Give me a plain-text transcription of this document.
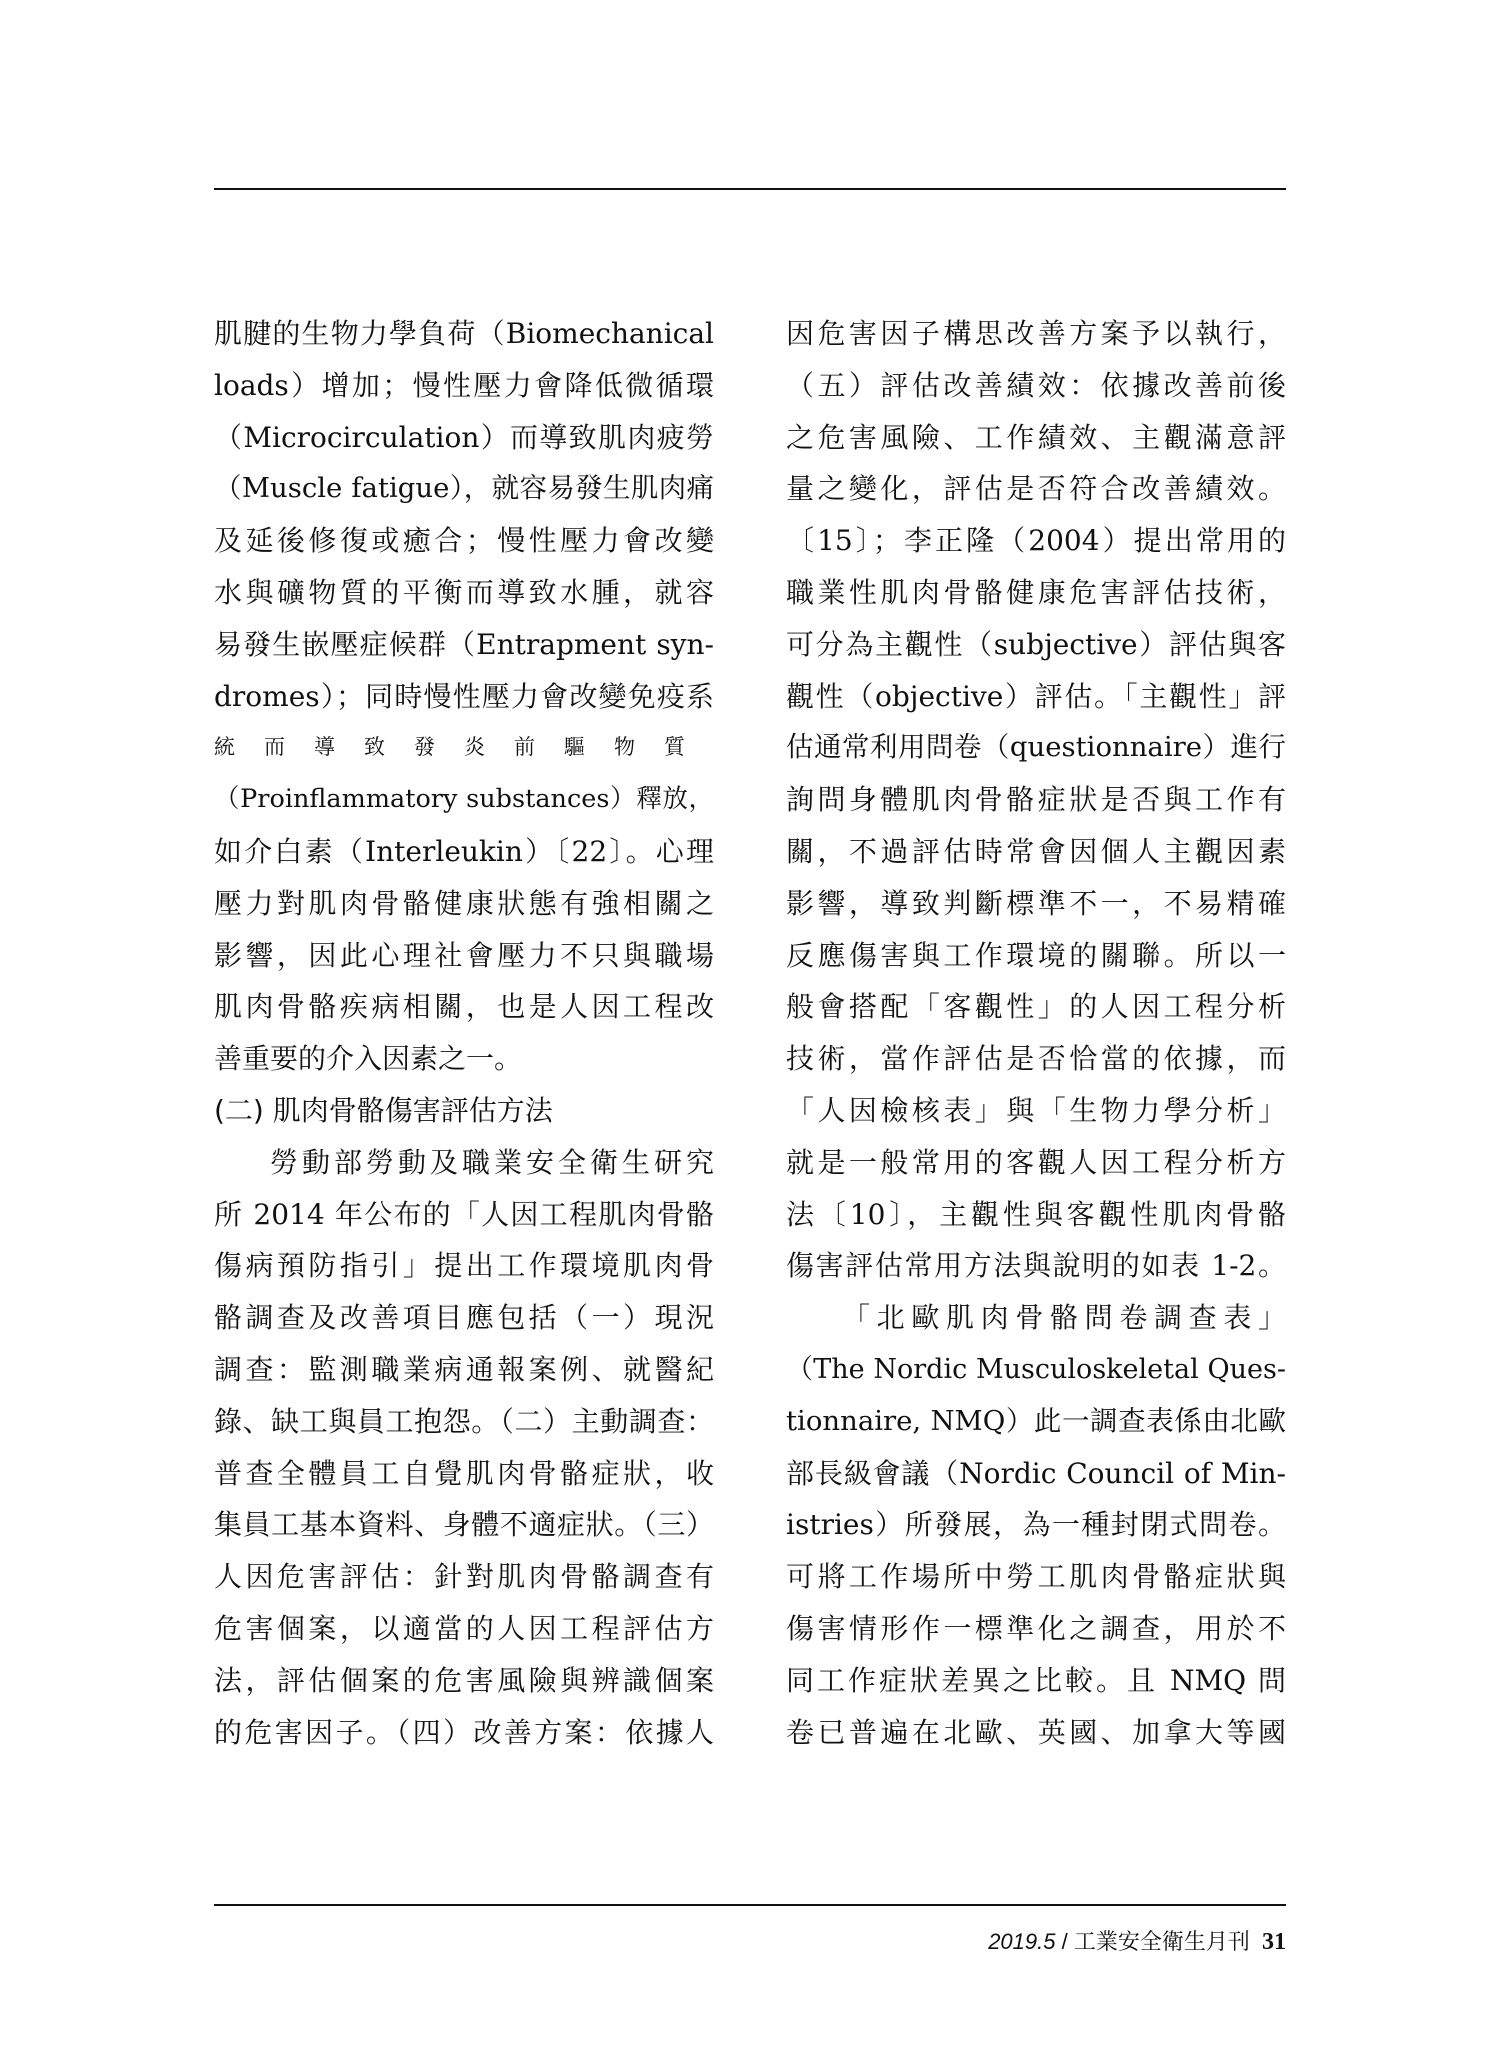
肌腱的生物力學負荷（Biomechanical
loads）增加；慢性壓力會降低微循環
（Microcirculation）而導致肌肉疲勞
（Muscle fatigue），就容易發生肌肉痛
及延後修復或癒合；慢性壓力會改變
水與礦物質的平衡而導致水腫，就容
易發生嵌壓症候群（Entrapment syn-
dromes）；同時慢性壓力會改變免疫系
統而導致發炎前驅物質
（Proinflammatory substances）釋放，
如介白素（Interleukin）〔22〕。心理
壓力對肌肉骨骼健康狀態有強相關之
影響，因此心理社會壓力不只與職場
肌肉骨骼疾病相關，也是人因工程改
善重要的介入因素之一。
(二) 肌肉骨骼傷害評估方法
勞動部勞動及職業安全衛生研究
所 2014 年公布的「人因工程肌肉骨骼
傷病預防指引」提出工作環境肌肉骨
骼調查及改善項目應包括（一）現況
調查：監測職業病通報案例、就醫紀
錄、缺工與員工抱怨。（二）主動調查：
普查全體員工自覺肌肉骨骼症狀，收
集員工基本資料、身體不適症狀。（三）
人因危害評估：針對肌肉骨骼調查有
危害個案，以適當的人因工程評估方
法，評估個案的危害風險與辨識個案
的危害因子。（四）改善方案：依據人
因危害因子構思改善方案予以執行，
（五）評估改善績效：依據改善前後
之危害風險、工作績效、主觀滿意評
量之變化，評估是否符合改善績效。
〔15〕；李正隆（2004）提出常用的
職業性肌肉骨骼健康危害評估技術，
可分為主觀性（subjective）評估與客
觀性（objective）評估。「主觀性」評
估通常利用問卷（questionnaire）進行
詢問身體肌肉骨骼症狀是否與工作有
關，不過評估時常會因個人主觀因素
影響，導致判斷標準不一，不易精確
反應傷害與工作環境的關聯。所以一
般會搭配「客觀性」的人因工程分析
技術，當作評估是否恰當的依據，而
「人因檢核表」與「生物力學分析」
就是一般常用的客觀人因工程分析方
法〔10〕，主觀性與客觀性肌肉骨骼
傷害評估常用方法與說明的如表 1-2。
「北歐肌肉骨骼問卷調查表」
（The Nordic Musculoskeletal Ques-
tionnaire, NMQ）此一調查表係由北歐
部長級會議（Nordic Council of Min-
istries）所發展，為一種封閉式問卷。
可將工作場所中勞工肌肉骨骼症狀與
傷害情形作一標準化之調查，用於不
同工作症狀差異之比較。且 NMQ 問
卷已普遍在北歐、英國、加拿大等國
2019.5 / 工業安全衛生月刊 31
